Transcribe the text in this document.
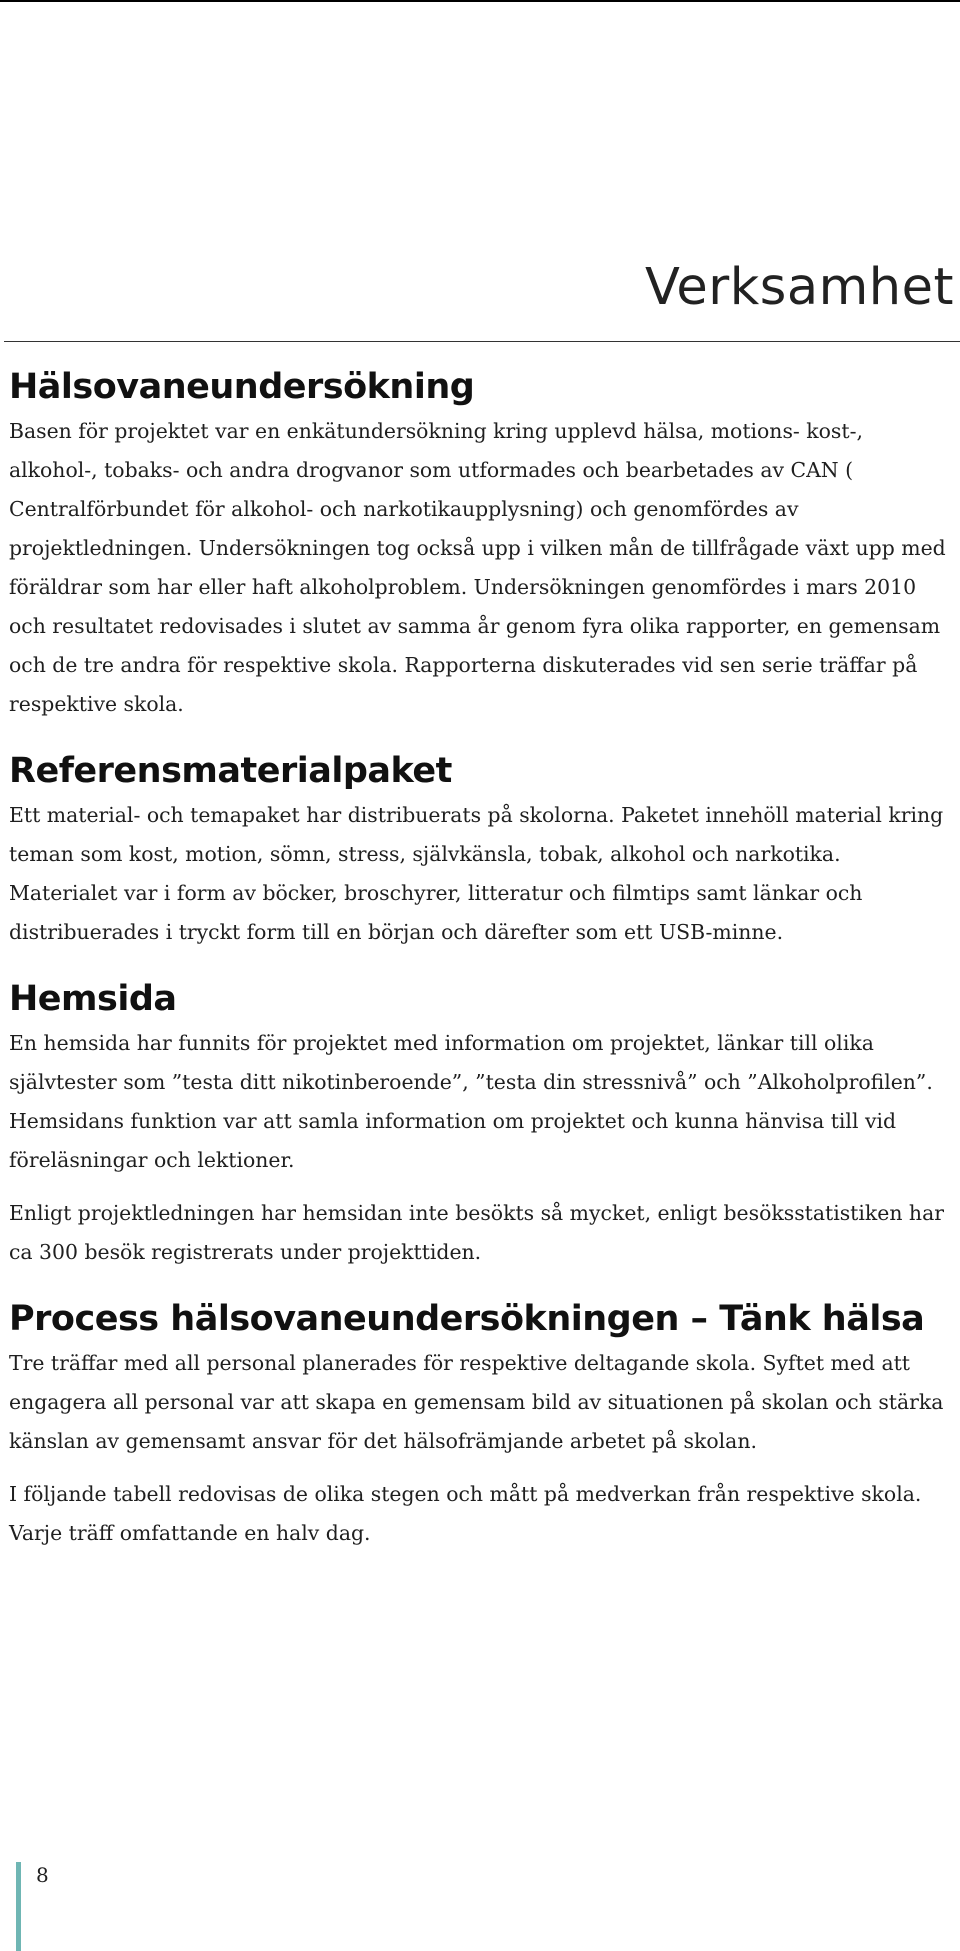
Verksamhet
Hälsovaneundersökning

Basen för projektet var en enkätundersökning kring upplevd hälsa, motions- kost-, alkohol-, tobaks- och andra drogvanor som utformades och bearbetades av CAN ( Centralförbundet för alkohol- och narkotikaupplysning) och genomfördes av projektledningen. Undersökningen tog också upp i vilken mån de tillfrågade växt upp med föräldrar som har eller haft alkoholproblem. Undersökningen genomfördes i mars 2010 och resultatet redovisades i slutet av samma år genom fyra olika rapporter, en gemensam och de tre andra för respektive skola. Rapporterna diskuterades vid sen serie träffar på respektive skola.

Referensmaterialpaket

Ett material- och temapaket har distribuerats på skolorna. Paketet innehöll material kring teman som kost, motion, sömn, stress, självkänsla, tobak, alkohol och narkotika. Materialet var i form av böcker, broschyrer, litteratur och filmtips samt länkar och distribuerades i tryckt form till en början och därefter som ett USB-minne.

Hemsida

En hemsida har funnits för projektet med information om projektet, länkar till olika självtester som ”testa ditt nikotinberoende”, ”testa din stressnivå” och ”Alkoholprofilen”. Hemsidans funktion var att samla information om projektet och kunna hänvisa till vid föreläsningar och lektioner.

Enligt projektledningen har hemsidan inte besökts så mycket, enligt besöksstatistiken har ca 300 besök registrerats under projekttiden.

Process hälsovaneundersökningen – Tänk hälsa

Tre träffar med all personal planerades för respektive deltagande skola. Syftet med att engagera all personal var att skapa en gemensam bild av situationen på skolan och stärka känslan av gemensamt ansvar för det hälsofrämjande arbetet på skolan.

I följande tabell redovisas de olika stegen och mått på medverkan från respektive skola. Varje träff omfattande en halv dag.

8
